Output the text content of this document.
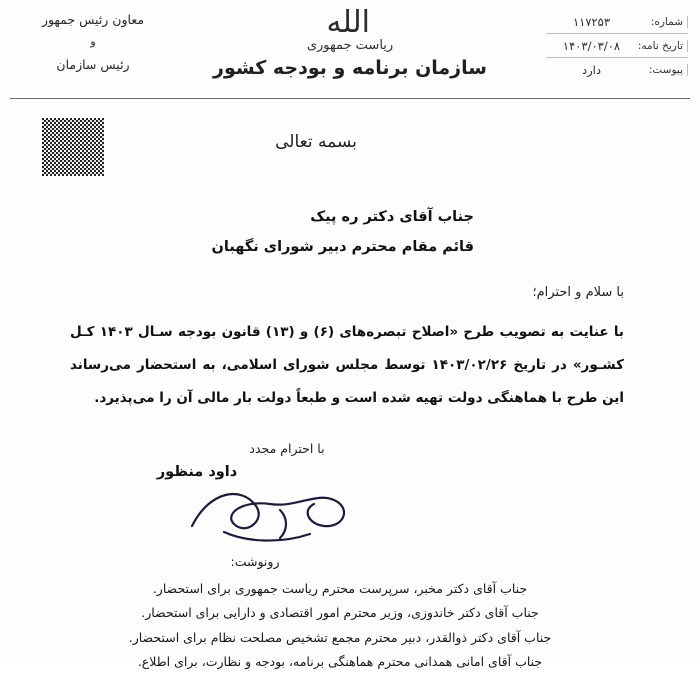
الله
ریاست جمهوری
سازمان برنامه و بودجه کشور
شماره:
۱۱۷۲۵۳
تاریخ نامه:
۱۴۰۳/۰۳/۰۸
پیوست:
دارد
معاون رئیس جمهور
و
رئیس سازمان
بسمه تعالی
جناب آقای دکتر ره پیک
قائم مقام محترم دبیر شورای نگهبان
با سلام و احترام؛
با عنایت به تصویب طرح «اصلاح تبصره‌های (۶) و (۱۳) قانون بودجه سـال ۱۴۰۳ کـل کشـور» در تاریخ ۱۴۰۳/۰۲/۲۶ توسط مجلس شورای اسلامی، به استحضار می‌رساند این طرح با هماهنگی دولت تهیه شده است و طبعاً دولت بار مالی آن را می‌پذیرد.
با احترام مجدد
داود منظور
رونوشت:
جناب آقای دکتر مخبر، سرپرست محترم ریاست جمهوری برای استحضار.
جناب آقای دکتر خاندوزی، وزیر محترم امور اقتصادی و دارایی برای استحضار.
جناب آقای دکتر ذوالقدر، دبیر محترم مجمع تشخیص مصلحت نظام برای استحضار.
جناب آقای امانی همدانی محترم هماهنگی برنامه، بودجه و نظارت، برای اطلاع.
